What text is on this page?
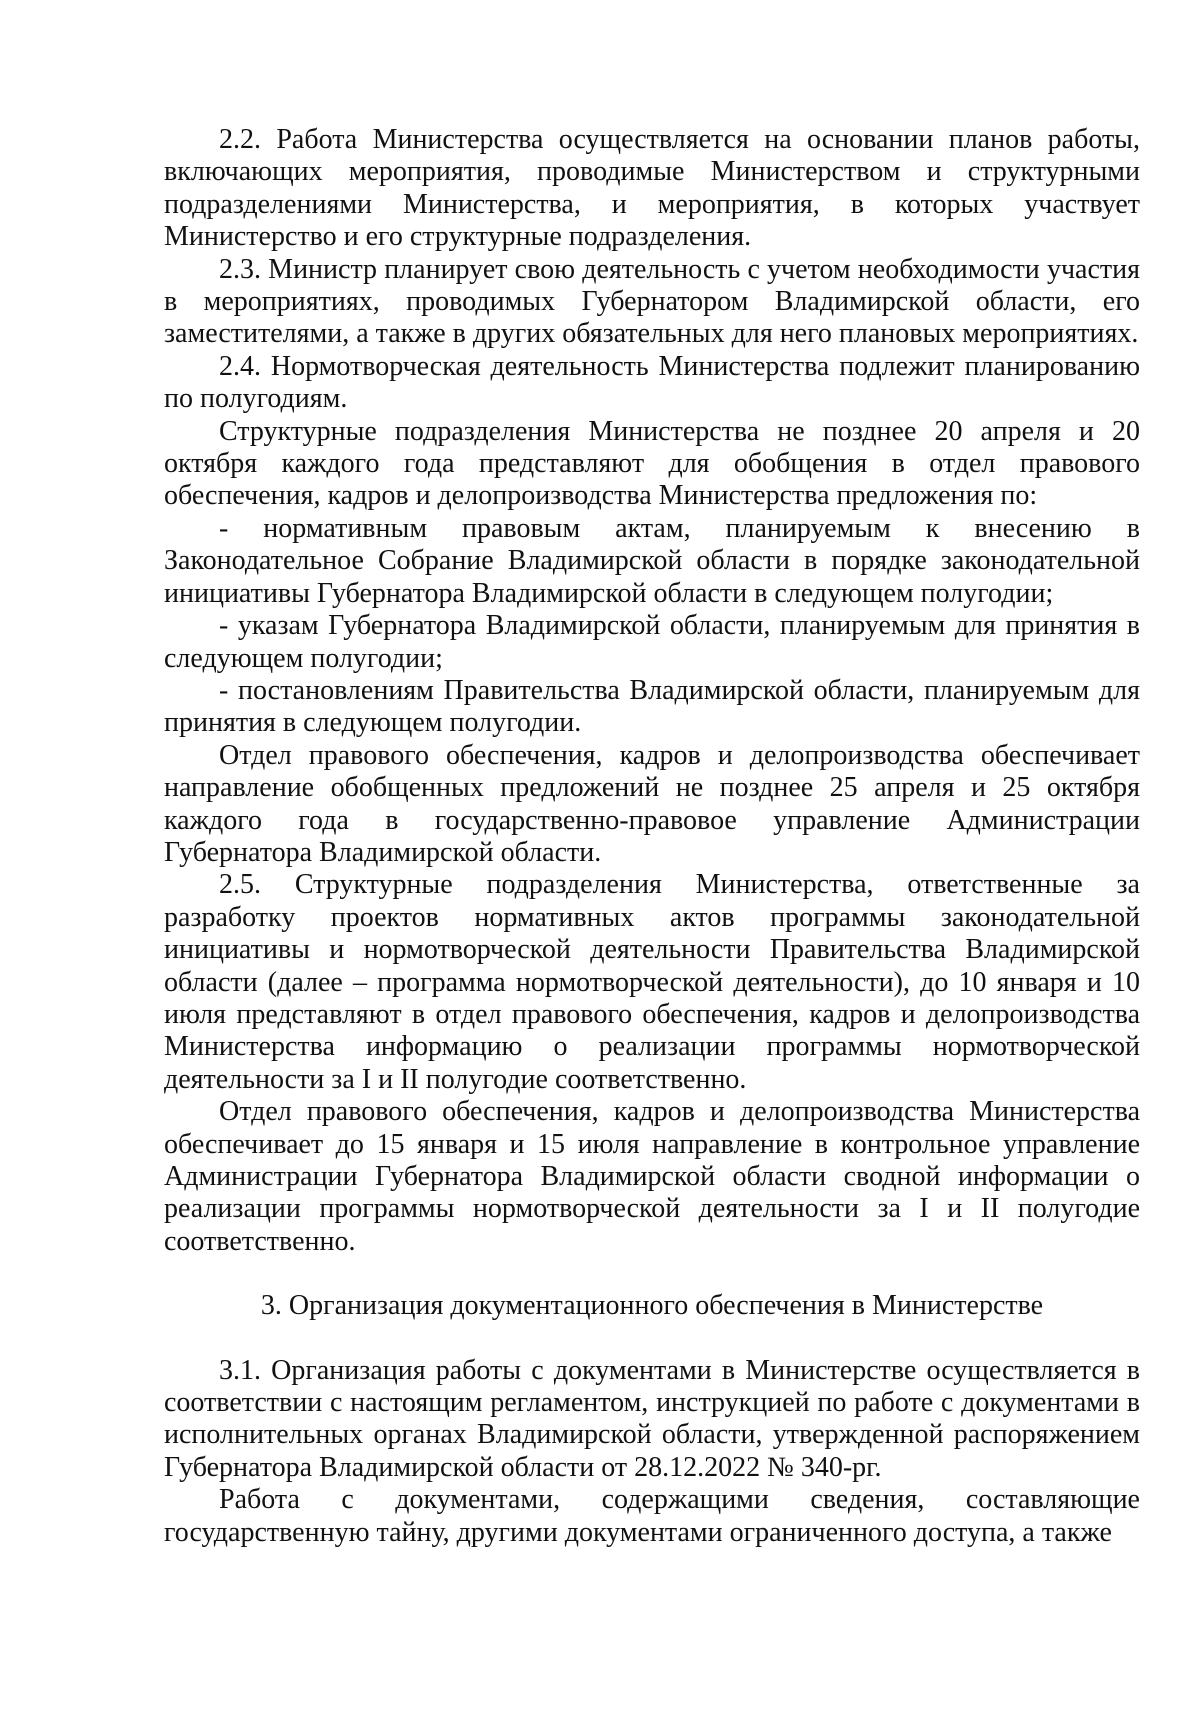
2.2. Работа Министерства осуществляется на основании планов работы, включающих мероприятия, проводимые Министерством и структурными подразделениями Министерства, и мероприятия, в которых участвует Министерство и его структурные подразделения.

2.3. Министр планирует свою деятельность с учетом необходимости участия в мероприятиях, проводимых Губернатором Владимирской области, его заместителями, а также в других обязательных для него плановых мероприятиях.

2.4. Нормотворческая деятельность Министерства подлежит планированию по полугодиям.

Структурные подразделения Министерства не позднее 20 апреля и 20 октября каждого года представляют для обобщения в отдел правового обеспечения, кадров и делопроизводства Министерства предложения по:

- нормативным правовым актам, планируемым к внесению в Законодательное Собрание Владимирской области в порядке законодательной инициативы Губернатора Владимирской области в следующем полугодии;

- указам Губернатора Владимирской области, планируемым для принятия в следующем полугодии;

- постановлениям Правительства Владимирской области, планируемым для принятия в следующем полугодии.

Отдел правового обеспечения, кадров и делопроизводства обеспечивает направление обобщенных предложений не позднее 25 апреля и 25 октября каждого года в государственно-правовое управление Администрации Губернатора Владимирской области.

2.5. Структурные подразделения Министерства, ответственные за разработку проектов нормативных актов программы законодательной инициативы и нормотворческой деятельности Правительства Владимирской области (далее – программа нормотворческой деятельности), до 10 января и 10 июля представляют в отдел правового обеспечения, кадров и делопроизводства Министерства информацию о реализации программы нормотворческой деятельности за I и II полугодие соответственно.

Отдел правового обеспечения, кадров и делопроизводства Министерства обеспечивает до 15 января и 15 июля направление в контрольное управление Администрации Губернатора Владимирской области сводной информации о реализации программы нормотворческой деятельности за I и II полугодие соответственно.

3. Организация документационного обеспечения в Министерстве

3.1. Организация работы с документами в Министерстве осуществляется в соответствии с настоящим регламентом, инструкцией по работе с документами в исполнительных органах Владимирской области, утвержденной распоряжением Губернатора Владимирской области от 28.12.2022 № 340-рг.

Работа с документами, содержащими сведения, составляющие государственную тайну, другими документами ограниченного доступа, а также
